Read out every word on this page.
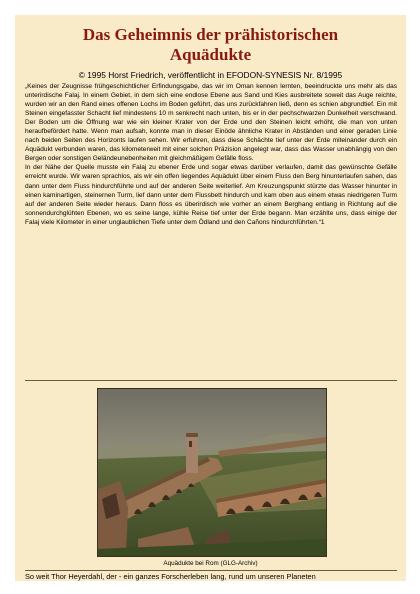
Das Geheimnis der prähistorischen
Aquädukte
© 1995 Horst Friedrich, veröffentlicht in EFODON-SYNESIS Nr. 8/1995

„Keines der Zeugnisse frühgeschichtlicher Erfindungsgabe, das wir im Oman kennen lernten, beeindruckte uns mehr als das unterirdische Falaj. In einem Gebiet, in dem sich eine endlose Ebene aus Sand und Kies ausbreitete soweit das Auge reichte, wurden wir an den Rand eines offenen Lochs im Boden geführt, das uns zurückfahren ließ, denn es schien abgrundtief. Ein mit Steinen eingefasster Schacht lief mindestens 10 m senkrecht nach unten, bis er in der pechschwarzen Dunkelheit verschwand. Der Boden um die Öffnung war wie ein kleiner Krater von der Erde und den Steinen leicht erhöht, die man von unten heraufbefördert hatte. Wenn man aufsah, konnte man in dieser Einöde ähnliche Krater in Abständen und einer geraden Linie nach beiden Seiten des Horizonts laufen sehen. Wir erfuhren, dass diese Schächte tief unter der Erde miteinander durch ein Aquädukt verbunden waren, das kilometerweit mit einer solchen Präzision angelegt war, dass das Wasser unabhängig von den Bergen oder sonstigen Geländeunebenheiten mit gleichmäßigem Gefälle floss.

In der Nähe der Quelle musste ein Falaj zu ebener Erde und sogar etwas darüber verlaufen, damit das gewünschte Gefälle erreicht wurde. Wir waren sprachlos, als wir ein offen liegendes Aquädukt über einem Fluss den Berg hinunterlaufen sahen, das dann unter dem Fluss hindurchführte und auf der anderen Seite weiterlief. Am Kreuzungspunkt stürzte das Wasser hinunter in einen kaminartigen, steinernen Turm, lief dann unter dem Flussbett hindurch und kam oben aus einem etwas niedrigeren Turm auf der anderen Seite wieder heraus. Dann floss es überirdisch wie vorher an einem Berghang entlang in Richtung auf die sonnendurchglühten Ebenen, wo es seine lange, kühle Reise tief unter der Erde begann. Man erzählte uns, dass einige der Falaj viele Kilometer in einer unglaublichen Tiefe unter dem Ödland und den Cañons hindurchführten.“1

Aquädukte bei Rom (GLG-Archiv)
So weit Thor Heyerdahl, der - ein ganzes Forscherleben lang, rund um unseren Planeten
